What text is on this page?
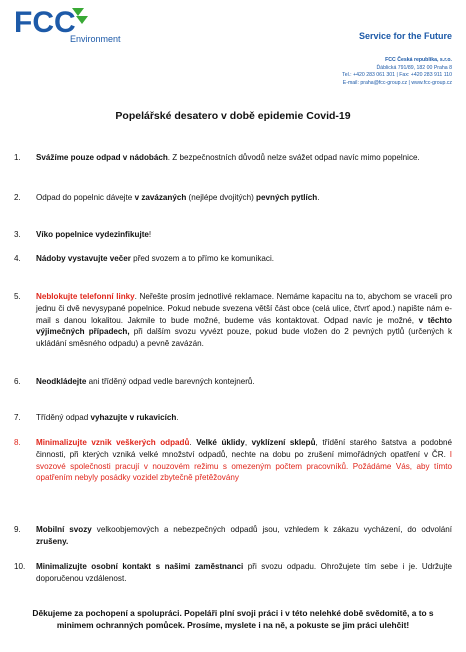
FCC
Environment	Service for the Future
FCC Česká republika, s.r.o.
Ďáblická 791/89, 182 00 Praha 8
Tel.: +420 283 061 301 | Fax: +420 283 911 110
E-mail: praha@fcc-group.cz | www.fcc-group.cz
Popelářské desatero v době epidemie Covid-19
1.	Svážíme pouze odpad v nádobách. Z bezpečnostních důvodů nelze svážet odpad navíc mimo popelnice.
2.	Odpad do popelnic dávejte v zavázaných (nejlépe dvojitých) pevných pytlích.
3.	Víko popelnice vydezinfikujte!
4.	Nádoby vystavujte večer před svozem a to přímo ke komunikaci.
5.	Neblokujte telefonní linky. Neřešte prosím jednotlivé reklamace. Nemáme kapacitu na to, abychom se vraceli pro jednu či dvě nevysypané popelnice. Pokud nebude svezena větší část obce (celá ulice, čtvrť apod.) napište nám e-mail s danou lokalitou. Jakmile to bude možné, budeme vás kontaktovat. Odpad navíc je možné, v těchto výjimečných případech, při dalším svozu vyvézt pouze, pokud bude vložen do 2 pevných pytlů (určených k ukládání směsného odpadu) a pevně zavázán.
6.	Neodkládejte ani tříděný odpad vedle barevných kontejnerů.
7.	Tříděný odpad vyhazujte v rukavicích.
8.	Minimalizujte vznik veškerých odpadů. Velké úklidy, vyklízení sklepů, třídění starého šatstva a podobné činnosti, při kterých vzniká velké množství odpadů, nechte na dobu po zrušení mimořádných opatření v ČR. I svozové společnosti pracují v nouzovém režimu s omezeným počtem pracovníků. Požádáme Vás, aby tímto opatřením nebyly posádky vozidel zbytečně přetěžovány
9.	Mobilní svozy velkoobjemových a nebezpečných odpadů jsou, vzhledem k zákazu vycházení, do odvolání zrušeny.
10.	Minimalizujte osobní kontakt s našimi zaměstnanci při svozu odpadu. Ohrožujete tím sebe i je. Udržujte doporučenou vzdálenost.
Děkujeme za pochopení a spolupráci. Popeláři plní svoji práci i v této nelehké době svědomitě, a to s minimem ochranných pomůcek. Prosíme, myslete i na ně, a pokuste se jim práci ulehčit!
